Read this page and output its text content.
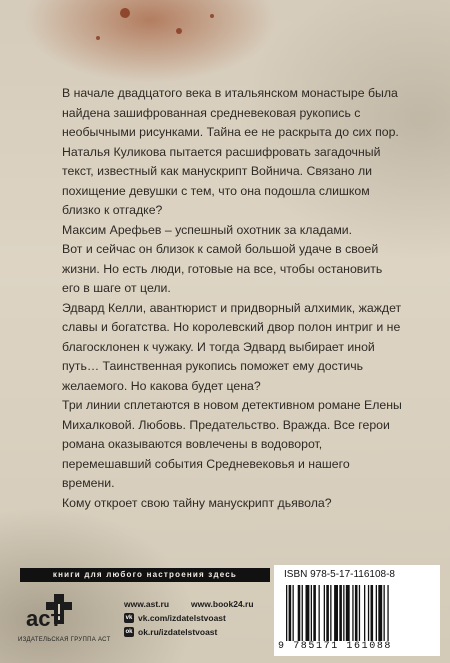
В начале двадцатого века в итальянском монастыре была найдена зашифрованная средневековая рукопись с необычными рисунками. Тайна ее не раскрыта до сих пор.

Наталья Куликова пытается расшифровать загадочный текст, известный как манускрипт Войнича. Связано ли похищение девушки с тем, что она подошла слишком близко к отгадке?

Максим Арефьев – успешный охотник за кладами.

Вот и сейчас он близок к самой большой удаче в своей жизни. Но есть люди, готовые на все, чтобы остановить его в шаге от цели.

Эдвард Келли, авантюрист и придворный алхимик, жаждет славы и богатства. Но королевский двор полон интриг и не благосклонен к чужаку. И тогда Эдвард выбирает иной путь… Таинственная рукопись поможет ему достичь желаемого. Но какова будет цена?

Три линии сплетаются в новом детективном романе Елены Михалковой. Любовь. Предательство. Вражда. Все герои романа оказываются вовлечены в водоворот, перемешавший события Средневековья и нашего времени.

Кому откроет свою тайну манускрипт дьявола?

книги для любого настроения здесь
аст
ИЗДАТЕЛЬСКАЯ ГРУППА АСТ
www.ast.ru	www.book24.ru
vk vk.com/izdatelstvoast
ok ok.ru/izdatelstvoast
ISBN 978-5-17-116108-8
9 785171 161088
